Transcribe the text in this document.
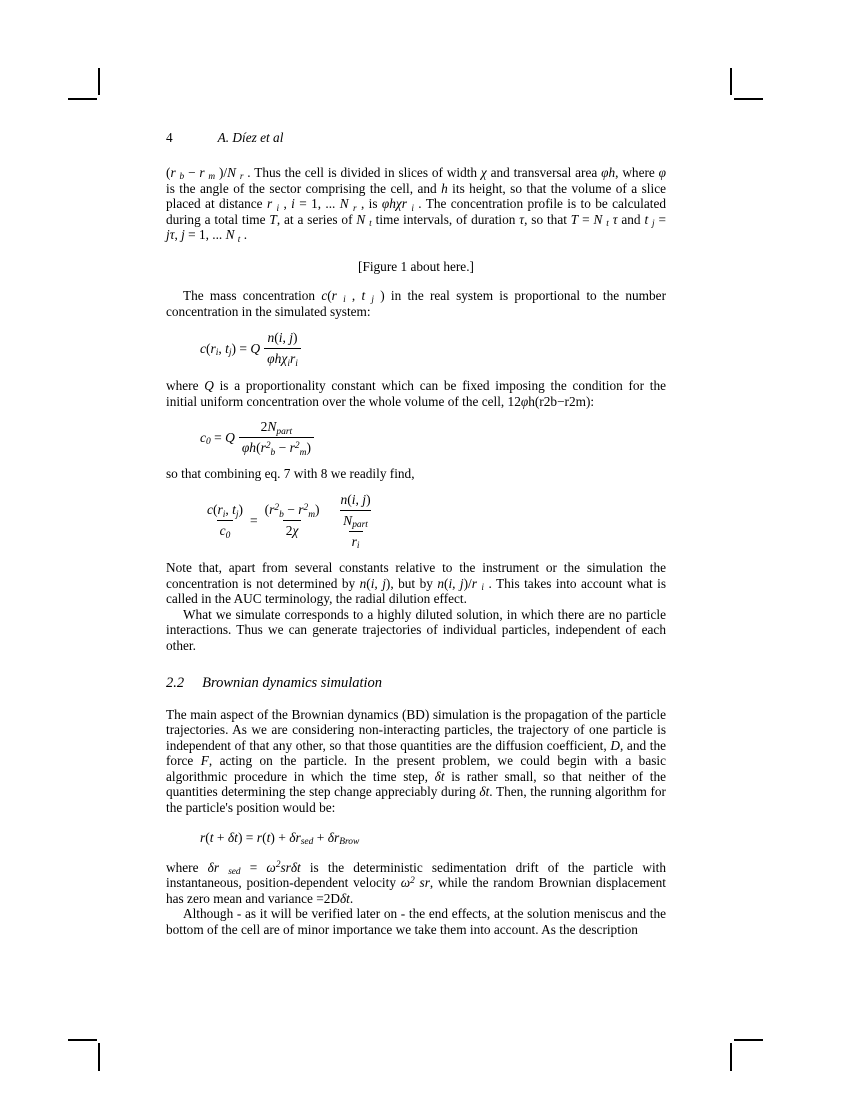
4	A. Díez et al

(r $_b$ − r $_m$ )/N $_r$ . Thus the cell is divided in slices of width χ and transversal area φh, where φ is the angle of the sector comprising the cell, and h its height, so that the volume of a slice placed at distance r $_i$ , i = 1, ... N $_r$ , is φhχr $_i$ . The concentration profile is to be calculated during a total time T, at a series of N $_t$ time intervals, of duration τ, so that T = N $_t$ τ and t $_j$ = jτ, j = 1, ... N $_t$ .

[Figure 1 about here.]

The mass concentration c(r $_i$ , t $_j$ ) in the real system is proportional to the number concentration in the simulated system:

$c(r_i$, $t_j) = Q \frac{n(i, j)}{\varphi h\chi_ir_i}$

where Q is a proportionality constant which can be fixed imposing the condition for the initial uniform concentration over the whole volume of the cell, 12φh(r2b−r2m):

$c_0 = Q \frac{2N_{part}}{\varphi h(r^2_b - r^2_m)}$

so that combining eq. 7 with 8 we readily find,

$\frac{c(r_i, t_j)}{c_0} = \frac{(r^2_b - r^2_m)}{2\chi} \frac{\frac{n(i, j)}{N_{part}}}{r_i}$

Note that, apart from several constants relative to the instrument or the simulation the concentration is not determined by n(i, j), but by n(i, j)/r $_i$ . This takes into account what is called in the AUC terminology, the radial dilution effect.

What we simulate corresponds to a highly diluted solution, in which there are no particle interactions. Thus we can generate trajectories of individual particles, independent of each other.

2.2 Brownian dynamics simulation

The main aspect of the Brownian dynamics (BD) simulation is the propagation of the particle trajectories. As we are considering non-interacting particles, the trajectory of one particle is independent of that any other, so that those quantities are the diffusion coefficient, D, and the force F, acting on the particle. In the present problem, we could begin with a basic algorithmic procedure in which the time step, δt is rather small, so that neither of the quantities determining the step change appreciably during δt. Then, the running algorithm for the particle's position would be:

$r(t + \delta t) = r(t) + \delta r_{sed} + \delta r_{Brow}$

where δr $_{sed} = \omega^2sr\delta t$ is the deterministic sedimentation drift of the particle with instantaneous, position-dependent velocity $\omega^2$ sr, while the random Brownian displacement has zero mean and variance =2Dδt.

Although - as it will be verified later on - the end effects, at the solution meniscus and the bottom of the cell are of minor importance we take them into account. As the description
